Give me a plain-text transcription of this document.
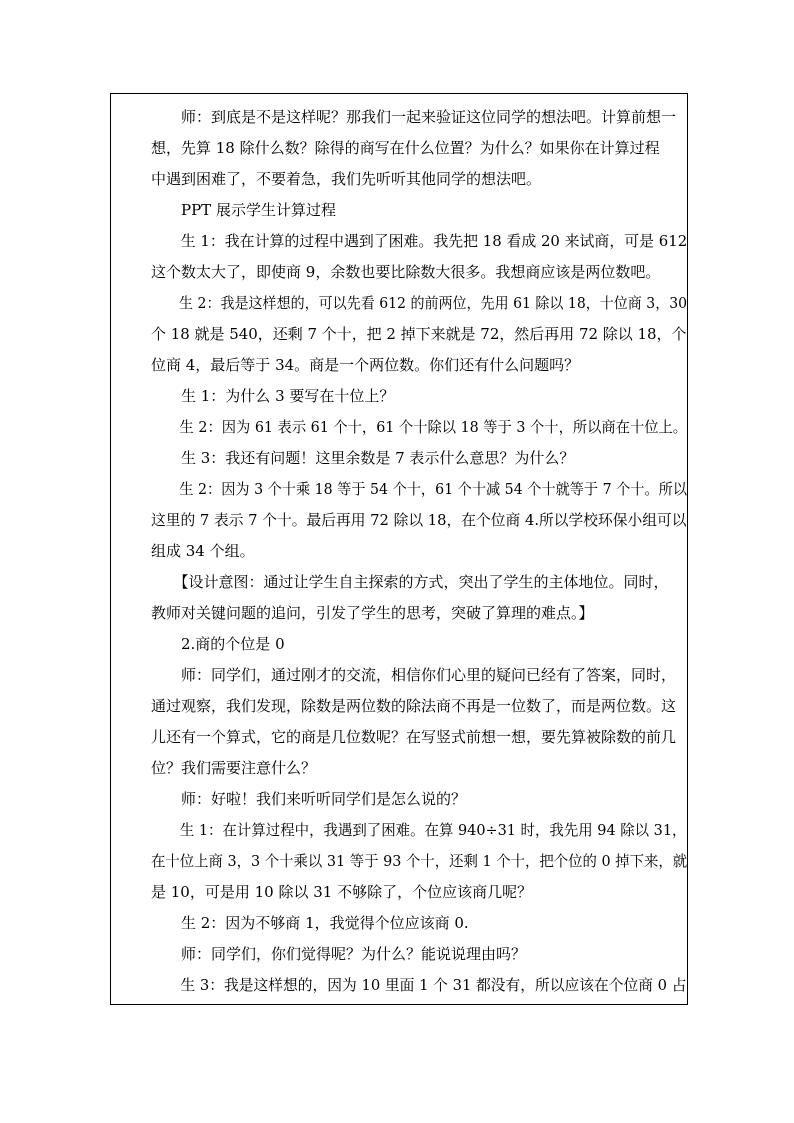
　　师：到底是不是这样呢？那我们一起来验证这位同学的想法吧。计算前想一
想，先算 18 除什么数？除得的商写在什么位置？为什么？如果你在计算过程
中遇到困难了，不要着急，我们先听听其他同学的想法吧。
　　PPT 展示学生计算过程
　　生 1：我在计算的过程中遇到了困难。我先把 18 看成 20 来试商，可是 612
这个数太大了，即使商 9，余数也要比除数大很多。我想商应该是两位数吧。
　　生 2：我是这样想的，可以先看 612 的前两位，先用 61 除以 18，十位商 3，30
个 18 就是 540，还剩 7 个十，把 2 掉下来就是 72，然后再用 72 除以 18，个
位商 4，最后等于 34。商是一个两位数。你们还有什么问题吗？
　　生 1：为什么 3 要写在十位上？
　　生 2：因为 61 表示 61 个十，61 个十除以 18 等于 3 个十，所以商在十位上。
　　生 3：我还有问题！这里余数是 7 表示什么意思？为什么？
　　生 2：因为 3 个十乘 18 等于 54 个十，61 个十减 54 个十就等于 7 个十。所以
这里的 7 表示 7 个十。最后再用 72 除以 18，在个位商 4.所以学校环保小组可以
组成 34 个组。
　　【设计意图：通过让学生自主探索的方式，突出了学生的主体地位。同时，
教师对关键问题的追问，引发了学生的思考，突破了算理的难点。】
　　2.商的个位是 0
　　师：同学们，通过刚才的交流，相信你们心里的疑问已经有了答案，同时，
通过观察，我们发现，除数是两位数的除法商不再是一位数了，而是两位数。这
儿还有一个算式，它的商是几位数呢？在写竖式前想一想，要先算被除数的前几
位？我们需要注意什么？
　　师：好啦！我们来听听同学们是怎么说的？
　　生 1：在计算过程中，我遇到了困难。在算 940÷31 时，我先用 94 除以 31，
在十位上商 3，3 个十乘以 31 等于 93 个十，还剩 1 个十，把个位的 0 掉下来，就
是 10，可是用 10 除以 31 不够除了，个位应该商几呢？
　　生 2：因为不够商 1，我觉得个位应该商 0.
　　师：同学们，你们觉得呢？为什么？能说说理由吗？
　　生 3：我是这样想的，因为 10 里面 1 个 31 都没有，所以应该在个位商 0 占
